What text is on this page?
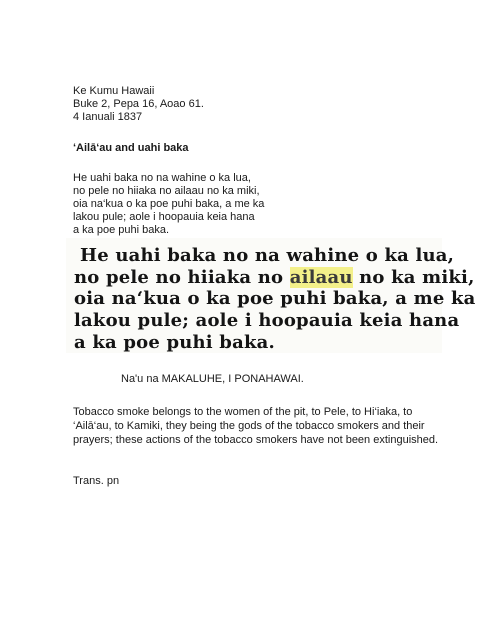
Ke Kumu Hawaii
Buke 2, Pepa 16, Aoao 61.
4 Ianuali 1837
‘Ailā‘au and uahi baka
He uahi baka no na wahine o ka lua,
no pele no hiiaka no ailaau no ka miki,
oia na‘kua o ka poe puhi baka, a me ka
lakou pule; aole i hoopauia keia hana
a ka poe puhi baka.
He uahi baka no na wahine o ka lua,
no pele no hiiaka no ailaau no ka miki,
oia na‘kua o ka poe puhi baka, a me ka
lakou pule; aole i hoopauia keia hana
a ka poe puhi baka.
Na'u na MAKALUHE, I PONAHAWAI.
Tobacco smoke belongs to the women of the pit, to Pele, to Hi‘iaka, to ‘Ailā‘au, to Kamiki, they being the gods of the tobacco smokers and their prayers; these actions of the tobacco smokers have not been extinguished.
Trans. pn
